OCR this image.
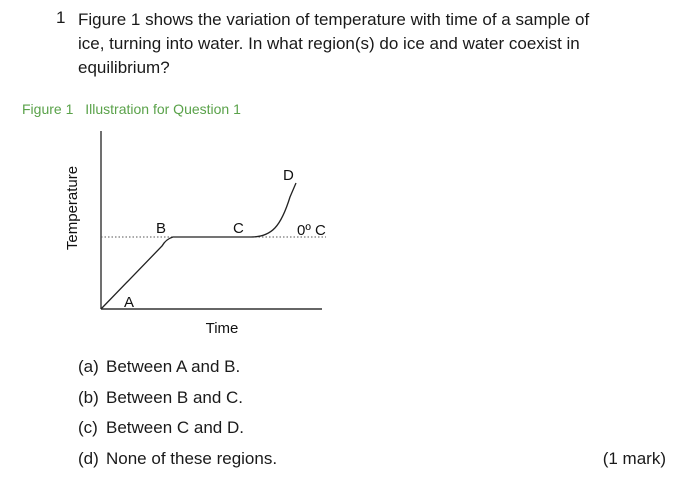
1 Figure 1 shows the variation of temperature with time of a sample of ice, turning into water. In what region(s) do ice and water coexist in equilibrium?
Figure 1 Illustration for Question 1
Temperature
Time
A
B	C
D
0º C
(a) Between A and B.
(b) Between B and C.
(c) Between C and D.
(d) None of these regions.	(1 mark)
